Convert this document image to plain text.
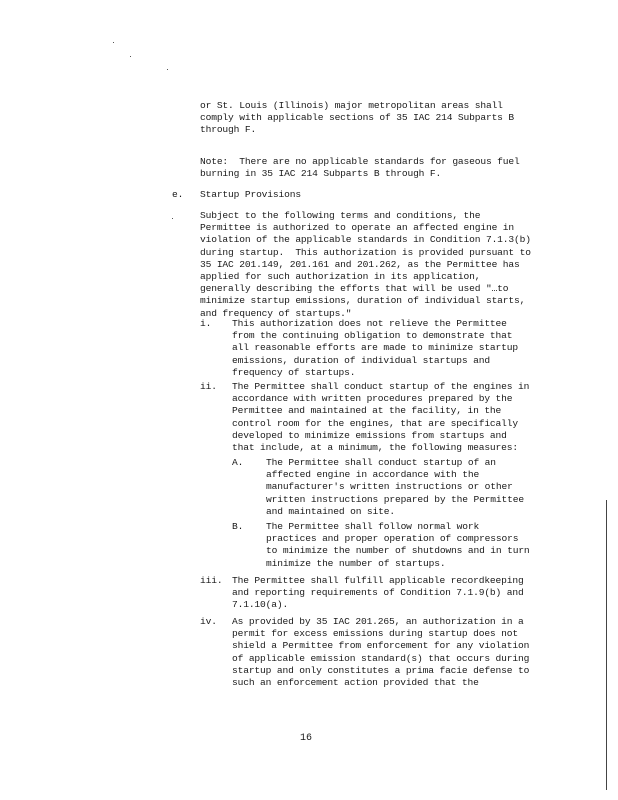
or St. Louis (Illinois) major metropolitan areas shall
comply with applicable sections of 35 IAC 214 Subparts B
through F.
Note:  There are no applicable standards for gaseous fuel
burning in 35 IAC 214 Subparts B through F.
e. Startup Provisions
Subject to the following terms and conditions, the
Permittee is authorized to operate an affected engine in
violation of the applicable standards in Condition 7.1.3(b)
during startup.  This authorization is provided pursuant to
35 IAC 201.149, 201.161 and 201.262, as the Permittee has
applied for such authorization in its application,
generally describing the efforts that will be used "…to
minimize startup emissions, duration of individual starts,
and frequency of startups."
i. This authorization does not relieve the Permittee
from the continuing obligation to demonstrate that
all reasonable efforts are made to minimize startup
emissions, duration of individual startups and
frequency of startups.
ii. The Permittee shall conduct startup of the engines in
accordance with written procedures prepared by the
Permittee and maintained at the facility, in the
control room for the engines, that are specifically
developed to minimize emissions from startups and
that include, at a minimum, the following measures:
A. The Permittee shall conduct startup of an
affected engine in accordance with the
manufacturer's written instructions or other
written instructions prepared by the Permittee
and maintained on site.
B. The Permittee shall follow normal work
practices and proper operation of compressors
to minimize the number of shutdowns and in turn
minimize the number of startups.
iii. The Permittee shall fulfill applicable recordkeeping
and reporting requirements of Condition 7.1.9(b) and
7.1.10(a).
iv. As provided by 35 IAC 201.265, an authorization in a
permit for excess emissions during startup does not
shield a Permittee from enforcement for any violation
of applicable emission standard(s) that occurs during
startup and only constitutes a prima facie defense to
such an enforcement action provided that the
16
